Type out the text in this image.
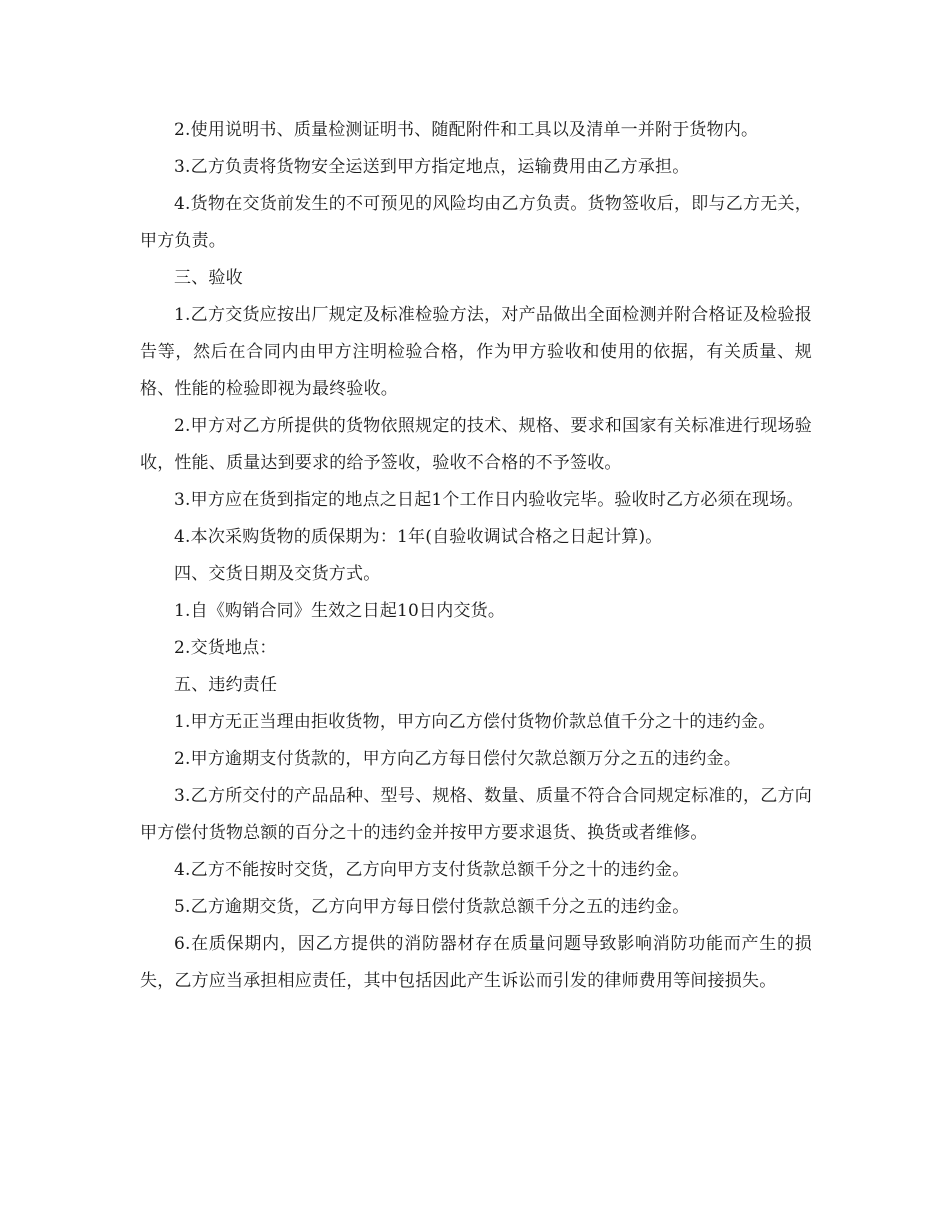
2.使用说明书、质量检测证明书、随配附件和工具以及清单一并附于货物内。

3.乙方负责将货物安全运送到甲方指定地点，运输费用由乙方承担。

4.货物在交货前发生的不可预见的风险均由乙方负责。货物签收后，即与乙方无关，甲方负责。

三、验收

1.乙方交货应按出厂规定及标准检验方法，对产品做出全面检测并附合格证及检验报告等，然后在合同内由甲方注明检验合格，作为甲方验收和使用的依据，有关质量、规格、性能的检验即视为最终验收。

2.甲方对乙方所提供的货物依照规定的技术、规格、要求和国家有关标准进行现场验收，性能、质量达到要求的给予签收，验收不合格的不予签收。

3.甲方应在货到指定的地点之日起1个工作日内验收完毕。验收时乙方必须在现场。

4.本次采购货物的质保期为：1年(自验收调试合格之日起计算)。

四、交货日期及交货方式。

1.自《购销合同》生效之日起10日内交货。

2.交货地点：

五、违约责任

1.甲方无正当理由拒收货物，甲方向乙方偿付货物价款总值千分之十的违约金。

2.甲方逾期支付货款的，甲方向乙方每日偿付欠款总额万分之五的违约金。

3.乙方所交付的产品品种、型号、规格、数量、质量不符合合同规定标准的，乙方向甲方偿付货物总额的百分之十的违约金并按甲方要求退货、换货或者维修。

4.乙方不能按时交货，乙方向甲方支付货款总额千分之十的违约金。

5.乙方逾期交货，乙方向甲方每日偿付货款总额千分之五的违约金。

6.在质保期内，因乙方提供的消防器材存在质量问题导致影响消防功能而产生的损失，乙方应当承担相应责任，其中包括因此产生诉讼而引发的律师费用等间接损失。
